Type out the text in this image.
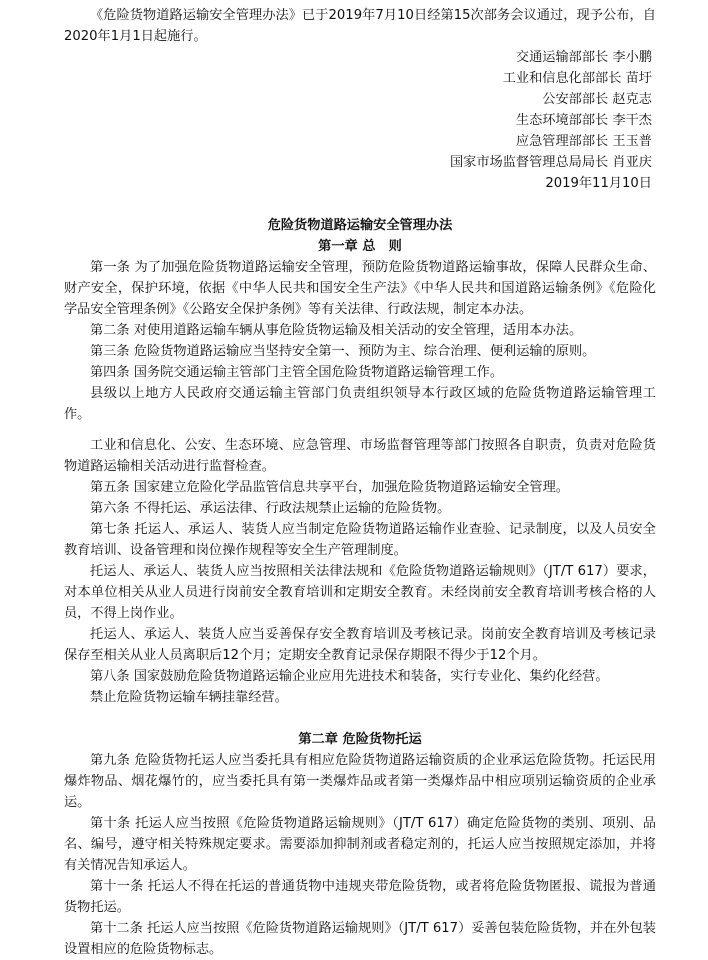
《危险货物道路运输安全管理办法》已于2019年7月10日经第15次部务会议通过，现予公布，自2020年1月1日起施行。

交通运输部部长 李小鹏

工业和信息化部部长 苗圩

公安部部长 赵克志

生态环境部部长 李干杰

应急管理部部长 王玉普

国家市场监督管理总局局长 肖亚庆

2019年11月10日

危险货物道路运输安全管理办法

第一章 总　则

第一条 为了加强危险货物道路运输安全管理，预防危险货物道路运输事故，保障人民群众生命、财产安全，保护环境，依据《中华人民共和国安全生产法》《中华人民共和国道路运输条例》《危险化学品安全管理条例》《公路安全保护条例》等有关法律、行政法规，制定本办法。

第二条 对使用道路运输车辆从事危险货物运输及相关活动的安全管理，适用本办法。

第三条 危险货物道路运输应当坚持安全第一、预防为主、综合治理、便利运输的原则。

第四条 国务院交通运输主管部门主管全国危险货物道路运输管理工作。

县级以上地方人民政府交通运输主管部门负责组织领导本行政区域的危险货物道路运输管理工作。

工业和信息化、公安、生态环境、应急管理、市场监督管理等部门按照各自职责，负责对危险货物道路运输相关活动进行监督检查。

第五条 国家建立危险化学品监管信息共享平台，加强危险货物道路运输安全管理。

第六条 不得托运、承运法律、行政法规禁止运输的危险货物。

第七条 托运人、承运人、装货人应当制定危险货物道路运输作业查验、记录制度，以及人员安全教育培训、设备管理和岗位操作规程等安全生产管理制度。

托运人、承运人、装货人应当按照相关法律法规和《危险货物道路运输规则》（JT/T 617）要求，对本单位相关从业人员进行岗前安全教育培训和定期安全教育。未经岗前安全教育培训考核合格的人员，不得上岗作业。

托运人、承运人、装货人应当妥善保存安全教育培训及考核记录。岗前安全教育培训及考核记录保存至相关从业人员离职后12个月；定期安全教育记录保存期限不得少于12个月。

第八条 国家鼓励危险货物道路运输企业应用先进技术和装备，实行专业化、集约化经营。

禁止危险货物运输车辆挂靠经营。

第二章 危险货物托运

第九条 危险货物托运人应当委托具有相应危险货物道路运输资质的企业承运危险货物。托运民用爆炸物品、烟花爆竹的，应当委托具有第一类爆炸品或者第一类爆炸品中相应项别运输资质的企业承运。

第十条 托运人应当按照《危险货物道路运输规则》（JT/T 617）确定危险货物的类别、项别、品名、编号，遵守相关特殊规定要求。需要添加抑制剂或者稳定剂的，托运人应当按照规定添加，并将有关情况告知承运人。

第十一条 托运人不得在托运的普通货物中违规夹带危险货物，或者将危险货物匿报、谎报为普通货物托运。

第十二条 托运人应当按照《危险货物道路运输规则》（JT/T 617）妥善包装危险货物，并在外包装设置相应的危险货物标志。
